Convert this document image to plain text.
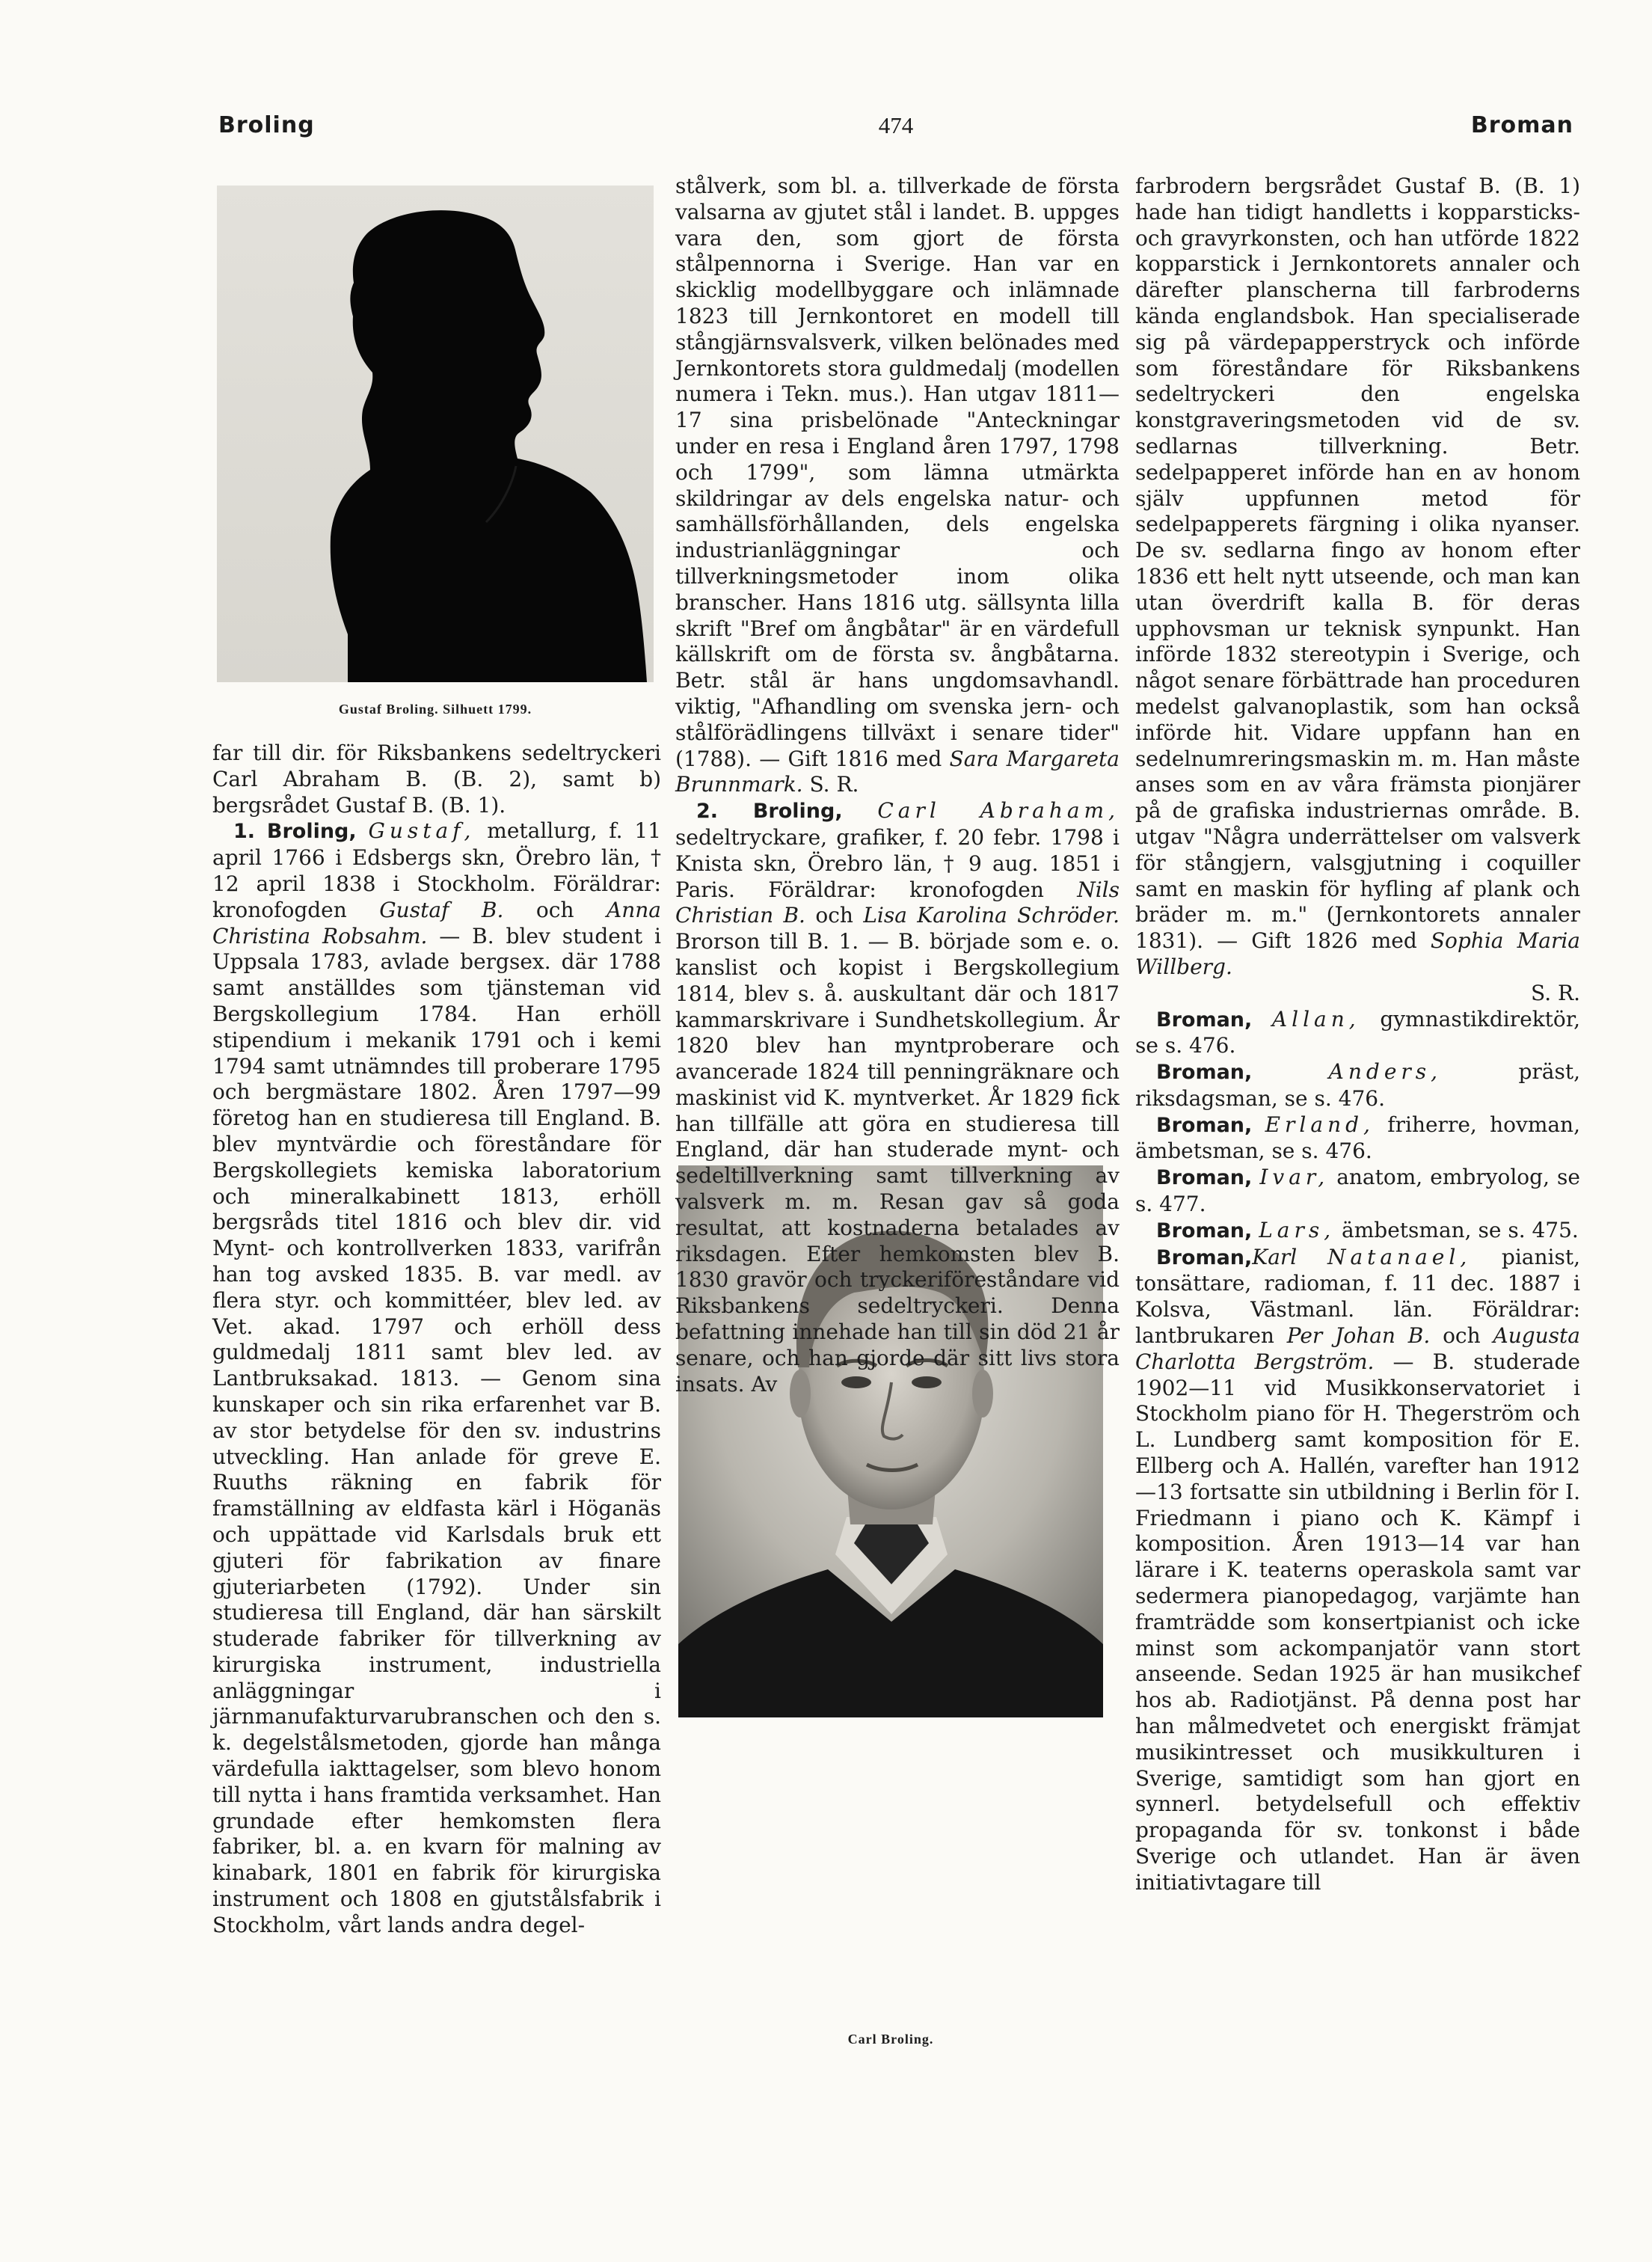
Broling	474	Broman
Gustaf Broling. Silhuett 1799.
Carl Broling.

far till dir. för Riksbankens sedeltryckeri Carl Abraham B. (B. 2), samt b) bergsrådet Gustaf B. (B. 1).

1. Broling, Gustaf, metallurg, f. 11 april 1766 i Edsbergs skn, Örebro län, † 12 april 1838 i Stockholm. Föräldrar: kronofogden Gustaf B. och Anna Christina Robsahm. — B. blev student i Uppsala 1783, avlade bergsex. där 1788 samt anställdes som tjänsteman vid Bergskollegium 1784. Han erhöll stipendium i mekanik 1791 och i kemi 1794 samt utnämndes till proberare 1795 och bergmästare 1802. Åren 1797—99 företog han en studieresa till England. B. blev myntvärdie och föreståndare för Bergskollegiets kemiska laboratorium och mineralkabinett 1813, erhöll bergsråds titel 1816 och blev dir. vid Mynt- och kontrollverken 1833, varifrån han tog avsked 1835. B. var medl. av flera styr. och kommittéer, blev led. av Vet. akad. 1797 och erhöll dess guldmedalj 1811 samt blev led. av Lantbruksakad. 1813. — Genom sina kunskaper och sin rika erfarenhet var B. av stor betydelse för den sv. industrins utveckling. Han anlade för greve E. Ruuths räkning en fabrik för framställning av eldfasta kärl i Höganäs och uppättade vid Karlsdals bruk ett gjuteri för fabrikation av finare gjuteriarbeten (1792). Under sin studieresa till England, där han särskilt studerade fabriker för tillverkning av kirurgiska instrument, industriella anläggningar i järnmanufakturvarubranschen och den s. k. degelstålsmetoden, gjorde han många värdefulla iakttagelser, som blevo honom till nytta i hans framtida verksamhet. Han grundade efter hemkomsten flera fabriker, bl. a. en kvarn för malning av kinabark, 1801 en fabrik för kirurgiska instrument och 1808 en gjutstålsfabrik i Stockholm, vårt lands andra degel-

stålverk, som bl. a. tillverkade de första valsarna av gjutet stål i landet. B. uppges vara den, som gjort de första stålpennorna i Sverige. Han var en skicklig modellbyggare och inlämnade 1823 till Jernkontoret en modell till stångjärnsvalsverk, vilken belönades med Jernkontorets stora guldmedalj (modellen numera i Tekn. mus.). Han utgav 1811—17 sina prisbelönade "Anteckningar under en resa i England åren 1797, 1798 och 1799", som lämna utmärkta skildringar av dels engelska natur- och samhällsförhållanden, dels engelska industrianläggningar och tillverkningsmetoder inom olika branscher. Hans 1816 utg. sällsynta lilla skrift "Bref om ångbåtar" är en värdefull källskrift om de första sv. ångbåtarna. Betr. stål är hans ungdomsavhandl. viktig, "Afhandling om svenska jern- och stålförädlingens tillväxt i senare tider" (1788). — Gift 1816 med Sara Margareta Brunnmark. S. R.

2. Broling, Carl Abraham, sedeltryckare, grafiker, f. 20 febr. 1798 i Knista skn, Örebro län, † 9 aug. 1851 i Paris. Föräldrar: kronofogden Nils Christian B. och Lisa Karolina Schröder. Brorson till B. 1. — B. började som e. o. kanslist och kopist i Bergskollegium 1814, blev s. å. auskultant där och 1817 kammarskrivare i Sundhetskollegium. År 1820 blev han myntproberare och avancerade 1824 till penningräknare och maskinist vid K. myntverket. År 1829 fick han tillfälle att göra en studieresa till England, där han studerade mynt- och sedeltillverkning samt tillverkning av valsverk m. m. Resan gav så goda resultat, att kostnaderna betalades av riksdagen. Efter hemkomsten blev B. 1830 gravör och tryckeriföreståndare vid Riksbankens sedeltryckeri. Denna befattning innehade han till sin död 21 år senare, och han gjorde där sitt livs stora insats. Av

farbrodern bergsrådet Gustaf B. (B. 1) hade han tidigt handletts i kopparsticks- och gravyrkonsten, och han utförde 1822 kopparstick i Jernkontorets annaler och därefter planscherna till farbroderns kända englandsbok. Han specialiserade sig på värdepapperstryck och införde som föreståndare för Riksbankens sedeltryckeri den engelska konstgraveringsmetoden vid de sv. sedlarnas tillverkning. Betr. sedelpapperet införde han en av honom själv uppfunnen metod för sedelpapperets färgning i olika nyanser. De sv. sedlarna fingo av honom efter 1836 ett helt nytt utseende, och man kan utan överdrift kalla B. för deras upphovsman ur teknisk synpunkt. Han införde 1832 stereotypin i Sverige, och något senare förbättrade han proceduren medelst galvanoplastik, som han också införde hit. Vidare uppfann han en sedelnumreringsmaskin m. m. Han måste anses som en av våra främsta pionjärer på de grafiska industriernas område. B. utgav "Några underrättelser om valsverk för stångjern, valsgjutning i coquiller samt en maskin för hyfling af plank och bräder m. m." (Jernkontorets annaler 1831). — Gift 1826 med Sophia Maria Willberg.

S. R.

Broman, Allan, gymnastikdirektör, se s. 476.

Broman,	Anders, präst, riksdagsman, se s. 476.

Broman, Erland, friherre, hovman, ämbetsman, se s. 476.

Broman, Ivar, anatom, embryolog, se s. 477.

Broman, Lars, ämbetsman, se s. 475.

Broman,Karl Natanael, pianist, tonsättare, radioman, f. 11 dec. 1887 i Kolsva, Västmanl. län. Föräldrar: lantbrukaren Per Johan B. och Augusta Charlotta Bergström. — B. studerade 1902—11 vid Musikkonservatoriet i Stockholm piano för H. Thegerström och L. Lundberg samt komposition för E. Ellberg och A. Hallén, varefter han 1912—13 fortsatte sin utbildning i Berlin för I. Friedmann i piano och K. Kämpf i komposition. Åren 1913—14 var han lärare i K. teaterns operaskola samt var sedermera pianopedagog, varjämte han framträdde som konsertpianist och icke minst som ackompanjatör vann stort anseende. Sedan 1925 är han musikchef hos ab. Radiotjänst. På denna post har han målmedvetet och energiskt främjat musikintresset och musikkulturen i Sverige, samtidigt som han gjort en synnerl. betydelsefull och effektiv propaganda för sv. tonkonst i både Sverige och utlandet. Han är även initiativtagare till
